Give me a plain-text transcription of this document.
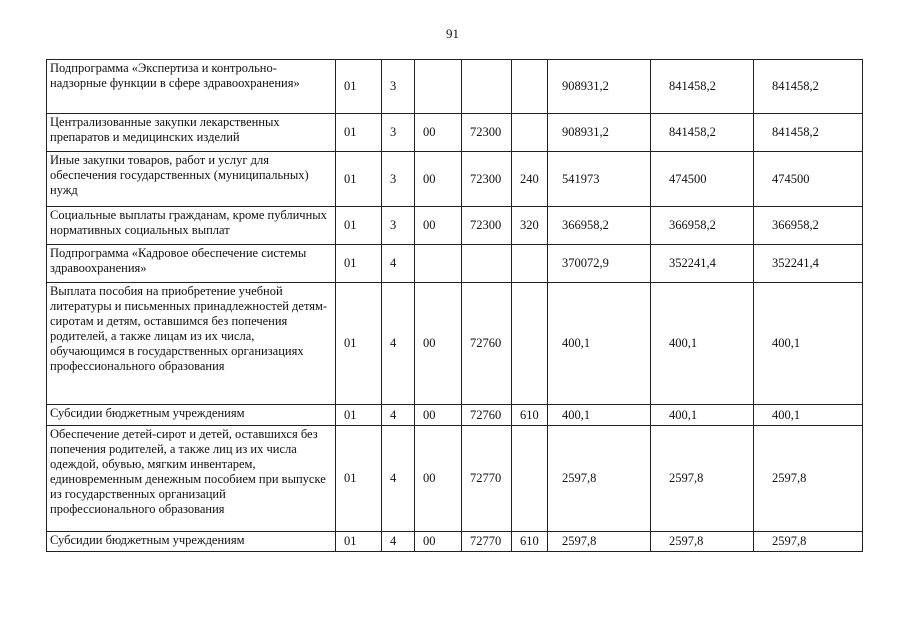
91
Подпрограмма «Экспертиза и контрольно-надзорные функции в сфере здравоохранения»	01	3				908931,2	841458,2	841458,2
Централизованные закупки лекарственных препаратов и медицинских изделий	01	3	00	72300		908931,2	841458,2	841458,2
Иные закупки товаров, работ и услуг для обеспечения государственных (муниципальных) нужд	01	3	00	72300	240	541973	474500	474500
Социальные выплаты гражданам, кроме публичных нормативных социальных выплат	01	3	00	72300	320	366958,2	366958,2	366958,2
Подпрограмма «Кадровое обеспечение системы здравоохранения»	01	4				370072,9	352241,4	352241,4
Выплата пособия на приобретение учебной литературы и письменных принадлежностей детям-сиротам и детям, оставшимся без попечения родителей, а также лицам из их числа, обучающимся в государственных организациях профессионального образования	01	4	00	72760		400,1	400,1	400,1
Субсидии бюджетным учреждениям	01	4	00	72760	610	400,1	400,1	400,1
Обеспечение детей-сирот и детей, оставшихся без попечения родителей, а также лиц из их числа одеждой, обувью, мягким инвентарем, единовременным денежным пособием при выпуске из государственных организаций профессионального образования	01	4	00	72770		2597,8	2597,8	2597,8
Субсидии бюджетным учреждениям	01	4	00	72770	610	2597,8	2597,8	2597,8
